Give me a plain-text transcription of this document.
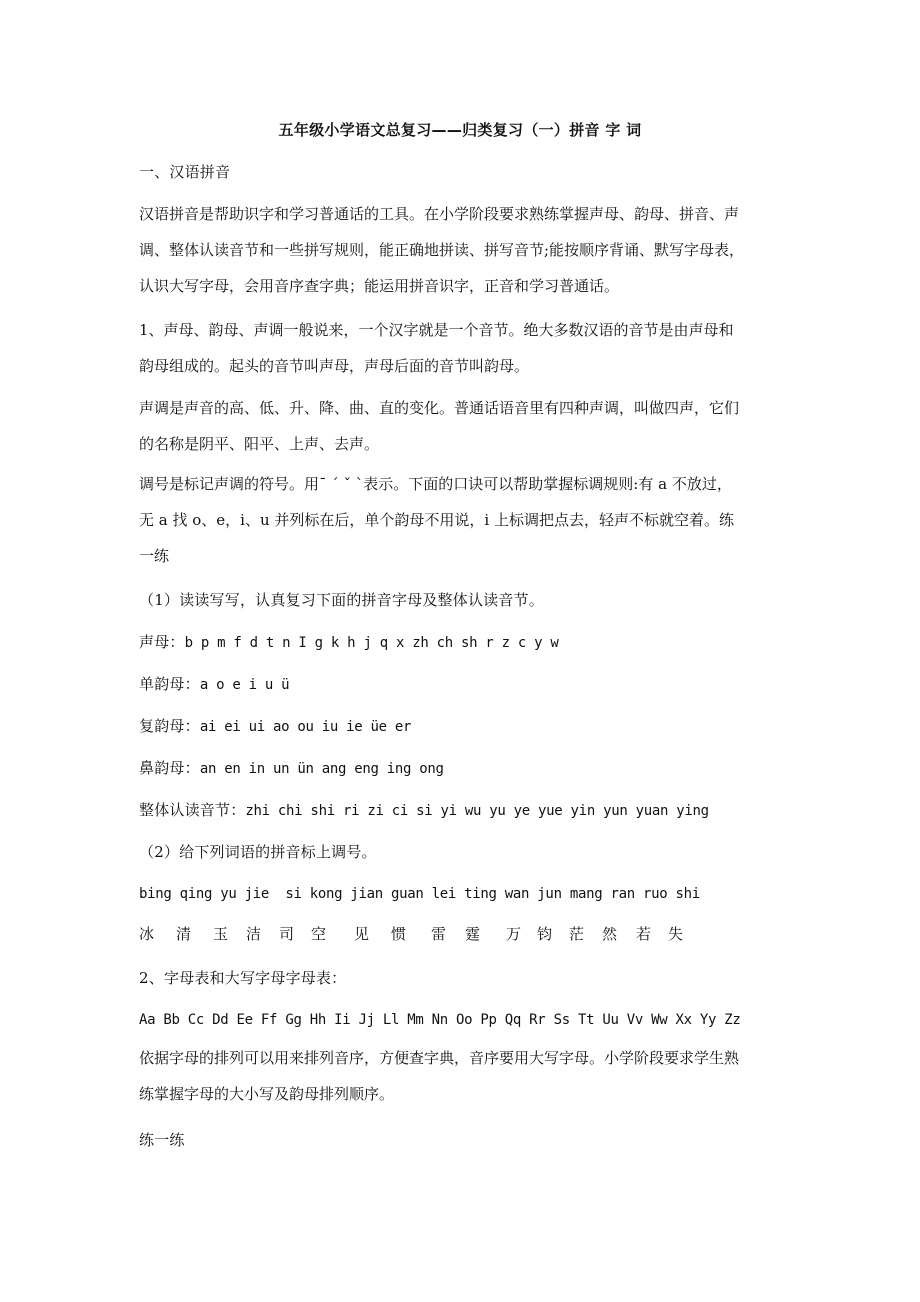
五年级小学语文总复习——归类复习（一）拼音 字 词
一、汉语拼音
汉语拼音是帮助识字和学习普通话的工具。在小学阶段要求熟练掌握声母、韵母、拼音、声
调、整体认读音节和一些拼写规则，能正确地拼读、拼写音节;能按顺序背诵、默写字母表，
认识大写字母，会用音序查字典；能运用拼音识字，正音和学习普通话。
1、声母、韵母、声调一般说来，一个汉字就是一个音节。绝大多数汉语的音节是由声母和
韵母组成的。起头的音节叫声母，声母后面的音节叫韵母。
声调是声音的高、低、升、降、曲、直的变化。普通话语音里有四种声调，叫做四声，它们
的名称是阴平、阳平、上声、去声。
调号是标记声调的符号。用ˉ ˊ ˇ ˋ表示。下面的口诀可以帮助掌握标调规则:有 a 不放过，
无 a 找 o、e，i、u 并列标在后，单个韵母不用说，i 上标调把点去，轻声不标就空着。练
一练
（1）读读写写，认真复习下面的拼音字母及整体认读音节。
声母：b p m f d t n I g k h j q x zh ch sh r z c y w
单韵母：a o e i u ü
复韵母：ai ei ui ao ou iu ie üe er
鼻韵母：an en in un ün ang eng ing ong
整体认读音节：zhi chi shi ri zi ci si yi wu yu ye yue yin yun yuan ying
（2）给下列词语的拼音标上调号。
bing qing yu jie  si kong jian guan lei ting wan jun mang ran ruo shi
冰 清 玉 洁 司 空 见 惯 雷 霆 万 钧 茫 然 若 失
2、字母表和大写字母字母表：
Aa Bb Cc Dd Ee Ff Gg Hh Ii Jj Ll Mm Nn Oo Pp Qq Rr Ss Tt Uu Vv Ww Xx Yy Zz
依据字母的排列可以用来排列音序，方便查字典，音序要用大写字母。小学阶段要求学生熟
练掌握字母的大小写及韵母排列顺序。
练一练
